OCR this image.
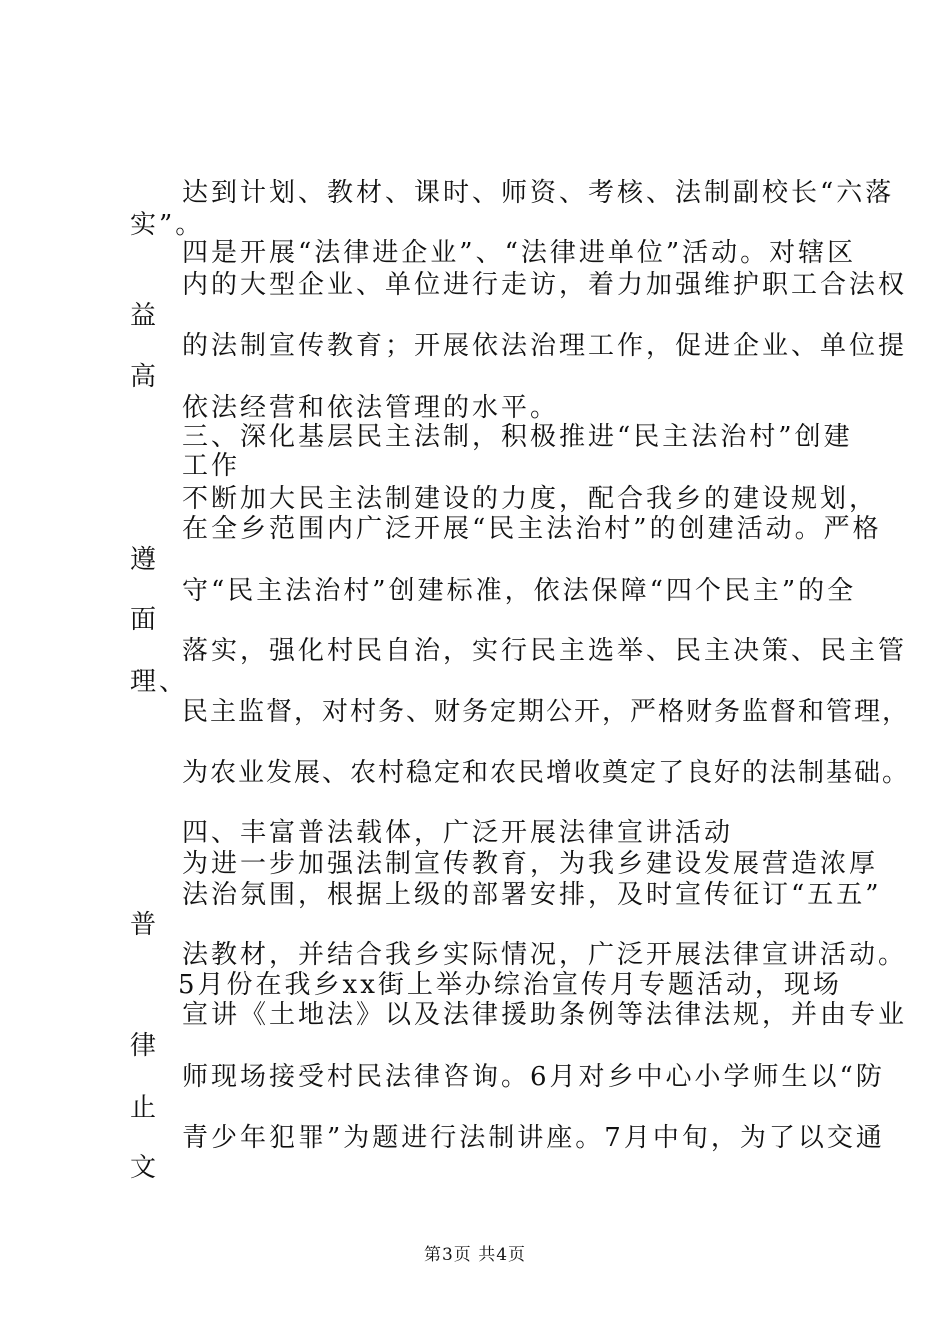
达到计划、教材、课时、师资、考核、法制副校长“六落
实”。
四是开展“法律进企业”、“法律进单位”活动。对辖区
内的大型企业、单位进行走访，着力加强维护职工合法权
益
的法制宣传教育；开展依法治理工作，促进企业、单位提
高
依法经营和依法管理的水平。
三、深化基层民主法制，积极推进“民主法治村”创建
工作
不断加大民主法制建设的力度，配合我乡的建设规划，
在全乡范围内广泛开展“民主法治村”的创建活动。严格
遵
守“民主法治村”创建标准，依法保障“四个民主”的全
面
落实，强化村民自治，实行民主选举、民主决策、民主管
理、
民主监督，对村务、财务定期公开，严格财务监督和管理，
为农业发展、农村稳定和农民增收奠定了良好的法制基础。
四、丰富普法载体，广泛开展法律宣讲活动
为进一步加强法制宣传教育，为我乡建设发展营造浓厚
法治氛围，根据上级的部署安排，及时宣传征订“五五”
普
法教材，并结合我乡实际情况，广泛开展法律宣讲活动。
5月份在我乡xx街上举办综治宣传月专题活动，现场
宣讲《土地法》以及法律援助条例等法律法规，并由专业
律
师现场接受村民法律咨询。6月对乡中心小学师生以“防
止
青少年犯罪”为题进行法制讲座。7月中旬，为了以交通
文
第3页 共4页
